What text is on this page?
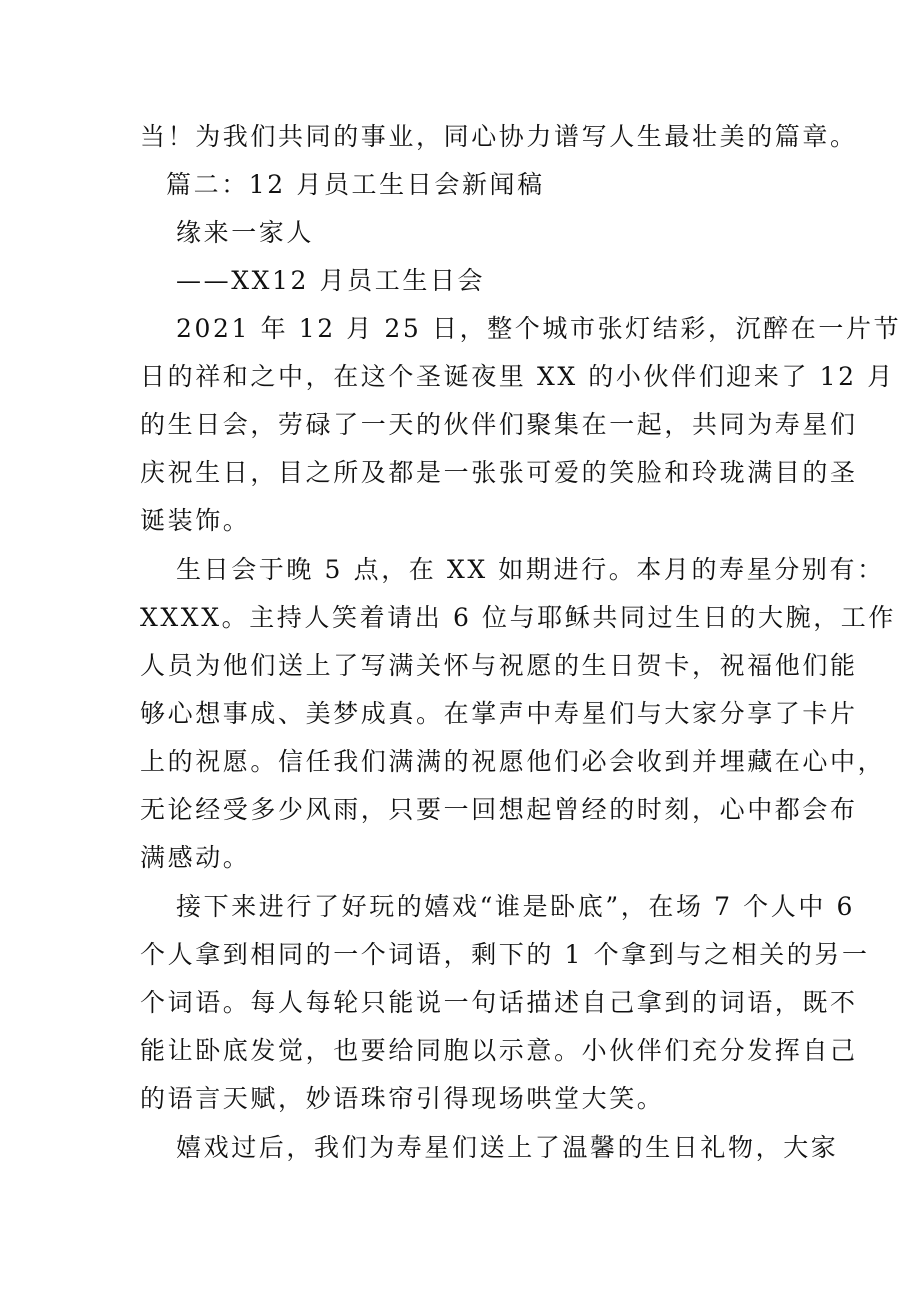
当！为我们共同的事业，同心协力谱写人生最壮美的篇章。
篇二：12 月员工生日会新闻稿
缘来一家人
——XX12 月员工生日会
2021 年 12 月 25 日，整个城市张灯结彩，沉醉在一片节
日的祥和之中，在这个圣诞夜里 XX 的小伙伴们迎来了 12 月
的生日会，劳碌了一天的伙伴们聚集在一起，共同为寿星们
庆祝生日，目之所及都是一张张可爱的笑脸和玲珑满目的圣
诞装饰。
生日会于晚 5 点，在 XX 如期进行。本月的寿星分别有：
XXXX。主持人笑着请出 6 位与耶稣共同过生日的大腕，工作
人员为他们送上了写满关怀与祝愿的生日贺卡，祝福他们能
够心想事成、美梦成真。在掌声中寿星们与大家分享了卡片
上的祝愿。信任我们满满的祝愿他们必会收到并埋藏在心中，
无论经受多少风雨，只要一回想起曾经的时刻，心中都会布
满感动。
接下来进行了好玩的嬉戏“谁是卧底”，在场 7 个人中 6
个人拿到相同的一个词语，剩下的 1 个拿到与之相关的另一
个词语。每人每轮只能说一句话描述自己拿到的词语，既不
能让卧底发觉，也要给同胞以示意。小伙伴们充分发挥自己
的语言天赋，妙语珠帘引得现场哄堂大笑。
嬉戏过后，我们为寿星们送上了温馨的生日礼物，大家
